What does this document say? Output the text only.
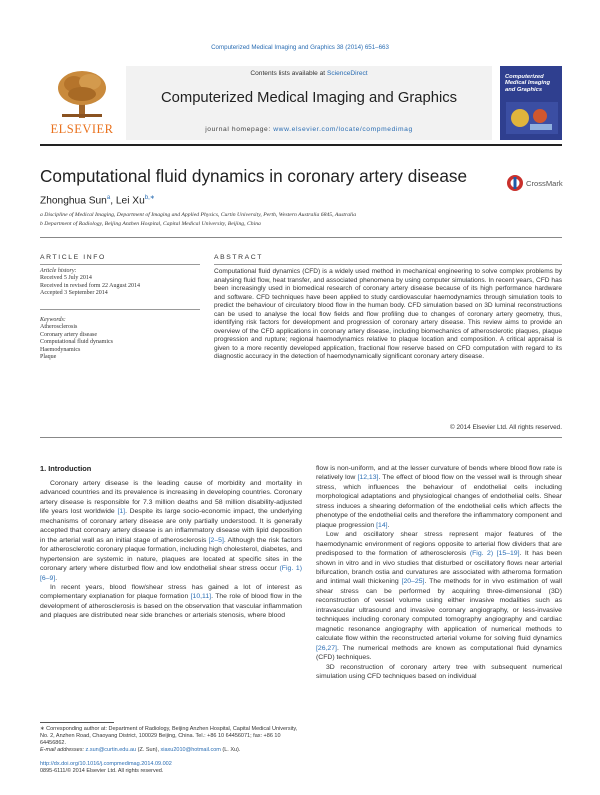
Computerized Medical Imaging and Graphics 38 (2014) 651–663
ELSEVIER
Contents lists available at ScienceDirect
Computerized Medical Imaging and Graphics
journal homepage: www.elsevier.com/locate/compmedimag
Computerized Medical Imaging and Graphics
Computational fluid dynamics in coronary artery disease	CrossMark
Zhonghua Sun$^a$, Lei $Xu^{b,∗}$
a Discipline of Medical Imaging, Department of Imaging and Applied Physics, Curtin University, Perth, Western Australia 6845, Australia
b Department of Radiology, Beijing Anzhen Hospital, Capital Medical University, Beijing, China
ARTICLE INFO
Article history:
Received 5 July 2014
Received in revised form 22 August 2014
Accepted 3 September 2014
Keywords:
Atherosclerosis
Coronary artery disease
Computational fluid dynamics
Haemodynamics
Plaque
ABSTRACT
Computational fluid dynamics (CFD) is a widely used method in mechanical engineering to solve complex problems by analysing fluid flow, heat transfer, and associated phenomena by using computer simulations. In recent years, CFD has been increasingly used in biomedical research of coronary artery disease because of its high performance hardware and software. CFD techniques have been applied to study cardiovascular haemodynamics through simulation tools to predict the behaviour of circulatory blood flow in the human body. CFD simulation based on 3D luminal reconstructions can be used to analyse the local flow fields and flow profiling due to changes of coronary artery geometry, thus, identifying risk factors for development and progression of coronary artery disease. This review aims to provide an overview of the CFD applications in coronary artery disease, including biomechanics of atherosclerotic plaques, plaque progression and rupture; regional haemodynamics relative to plaque location and composition. A critical appraisal is given to a more recently developed application, fractional flow reserve based on CFD computation with regard to its diagnostic accuracy in the detection of haemodynamically significant coronary artery disease.
© 2014 Elsevier Ltd. All rights reserved.
1. Introduction

Coronary artery disease is the leading cause of morbidity and mortality in advanced countries and its prevalence is increasing in developing countries. Coronary artery disease is responsible for 7.3 million deaths and 58 million disability-adjusted life years lost worldwide [1]. Despite its large socio-economic impact, the underlying mechanisms of coronary artery disease are only partially understood. It is generally accepted that coronary artery disease is an inflammatory disease with lipid deposition in the arterial wall as an initial stage of atherosclerosis [2–5]. Although the risk factors for atherosclerotic coronary plaque formation, including high cholesterol, diabetes, and hypertension are systemic in nature, plaques are located at specific sites in the coronary artery where disturbed flow and low endothelial shear stress occur (Fig. 1) [6–9].

In recent years, blood flow/shear stress has gained a lot of interest as complementary explanation for plaque formation [10,11]. The role of blood flow in the development of atherosclerosis is based on the observation that vascular inflammation and plaques are distributed near side branches or arterials stenosis, where blood

∗ Corresponding author at: Department of Radiology, Beijing Anzhen Hospital, Capital Medical University, No. 2, Anzhen Road, Chaoyang District, 100029 Beijing, China. Tel.: +86 10 64456071; fax: +86 10 64456862.
E-mail addresses: z.sun@curtin.edu.au (Z. Sun), xiaxu2010@hotmail.com (L. Xu).
http://dx.doi.org/10.1016/j.compmedimag.2014.09.002
0895-6111/© 2014 Elsevier Ltd. All rights reserved.

flow is non-uniform, and at the lesser curvature of bends where blood flow rate is relatively low [12,13]. The effect of blood flow on the vessel wall is through shear stress, which influences the behaviour of endothelial cells including morphological adaptations and physiological changes of endothelial cells. Shear stress induces a shearing deformation of the endothelial cells which affects the phenotype of the endothelial cells and therefore the inflammatory component and plaque progression [14].

Low and oscillatory shear stress represent major features of the haemodynamic environment of regions opposite to arterial flow dividers that are predisposed to the formation of atherosclerosis (Fig. 2) [15–19]. It has been shown in vitro and in vivo studies that disturbed or oscillatory flows near arterial bifurcation, branch ostia and curvatures are associated with atheroma formation and intimal wall thickening [20–25]. The methods for in vivo estimation of wall shear stress can be performed by acquiring three-dimensional (3D) reconstruction of vessel volume using either invasive modalities such as intravascular ultrasound and invasive coronary angiography, or less-invasive techniques including coronary computed tomography angiography and cardiac magnetic resonance angiography with application of numerical methods to calculate flow within the reconstructed arterial volume for solving fluid dynamics [26,27]. The numerical methods are known as computational fluid dynamics (CFD) techniques.

3D reconstruction of coronary artery tree with subsequent numerical simulation using CFD techniques based on individual
